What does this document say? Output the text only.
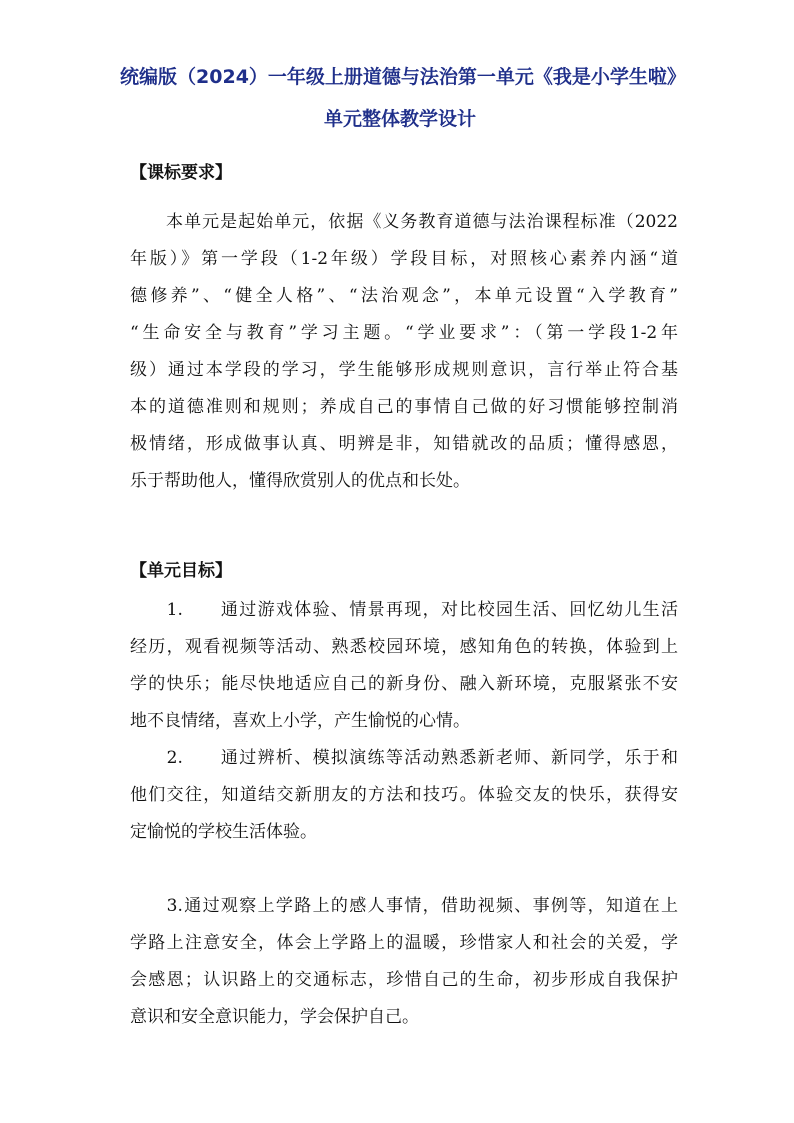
统编版（2024）一年级上册道德与法治第一单元《我是小学生啦》
单元整体教学设计
【课标要求】
　　本单元是起始单元，依据《义务教育道德与法治课程标准（2022
年版）》第一学段（1-2年级）学段目标，对照核心素养内涵“道
德修养”、“健全人格”、“法治观念”，本单元设置“入学教育”
“生命安全与教育”学习主题。“学业要求”：（第一学段1-2年
级）通过本学段的学习，学生能够形成规则意识，言行举止符合基
本的道德准则和规则；养成自己的事情自己做的好习惯能够控制消
极情绪，形成做事认真、明辨是非，知错就改的品质；懂得感恩，
乐于帮助他人，懂得欣赏别人的优点和长处。
【单元目标】
　　1.　　通过游戏体验、情景再现，对比校园生活、回忆幼儿生活
经历，观看视频等活动、熟悉校园环境，感知角色的转换，体验到上
学的快乐；能尽快地适应自己的新身份、融入新环境，克服紧张不安
地不良情绪，喜欢上小学，产生愉悦的心情。
　　2.　　通过辨析、模拟演练等活动熟悉新老师、新同学，乐于和
他们交往，知道结交新朋友的方法和技巧。体验交友的快乐，获得安
定愉悦的学校生活体验。
　　3.通过观察上学路上的感人事情，借助视频、事例等，知道在上
学路上注意安全，体会上学路上的温暖，珍惜家人和社会的关爱，学
会感恩；认识路上的交通标志，珍惜自己的生命，初步形成自我保护
意识和安全意识能力，学会保护自己。
